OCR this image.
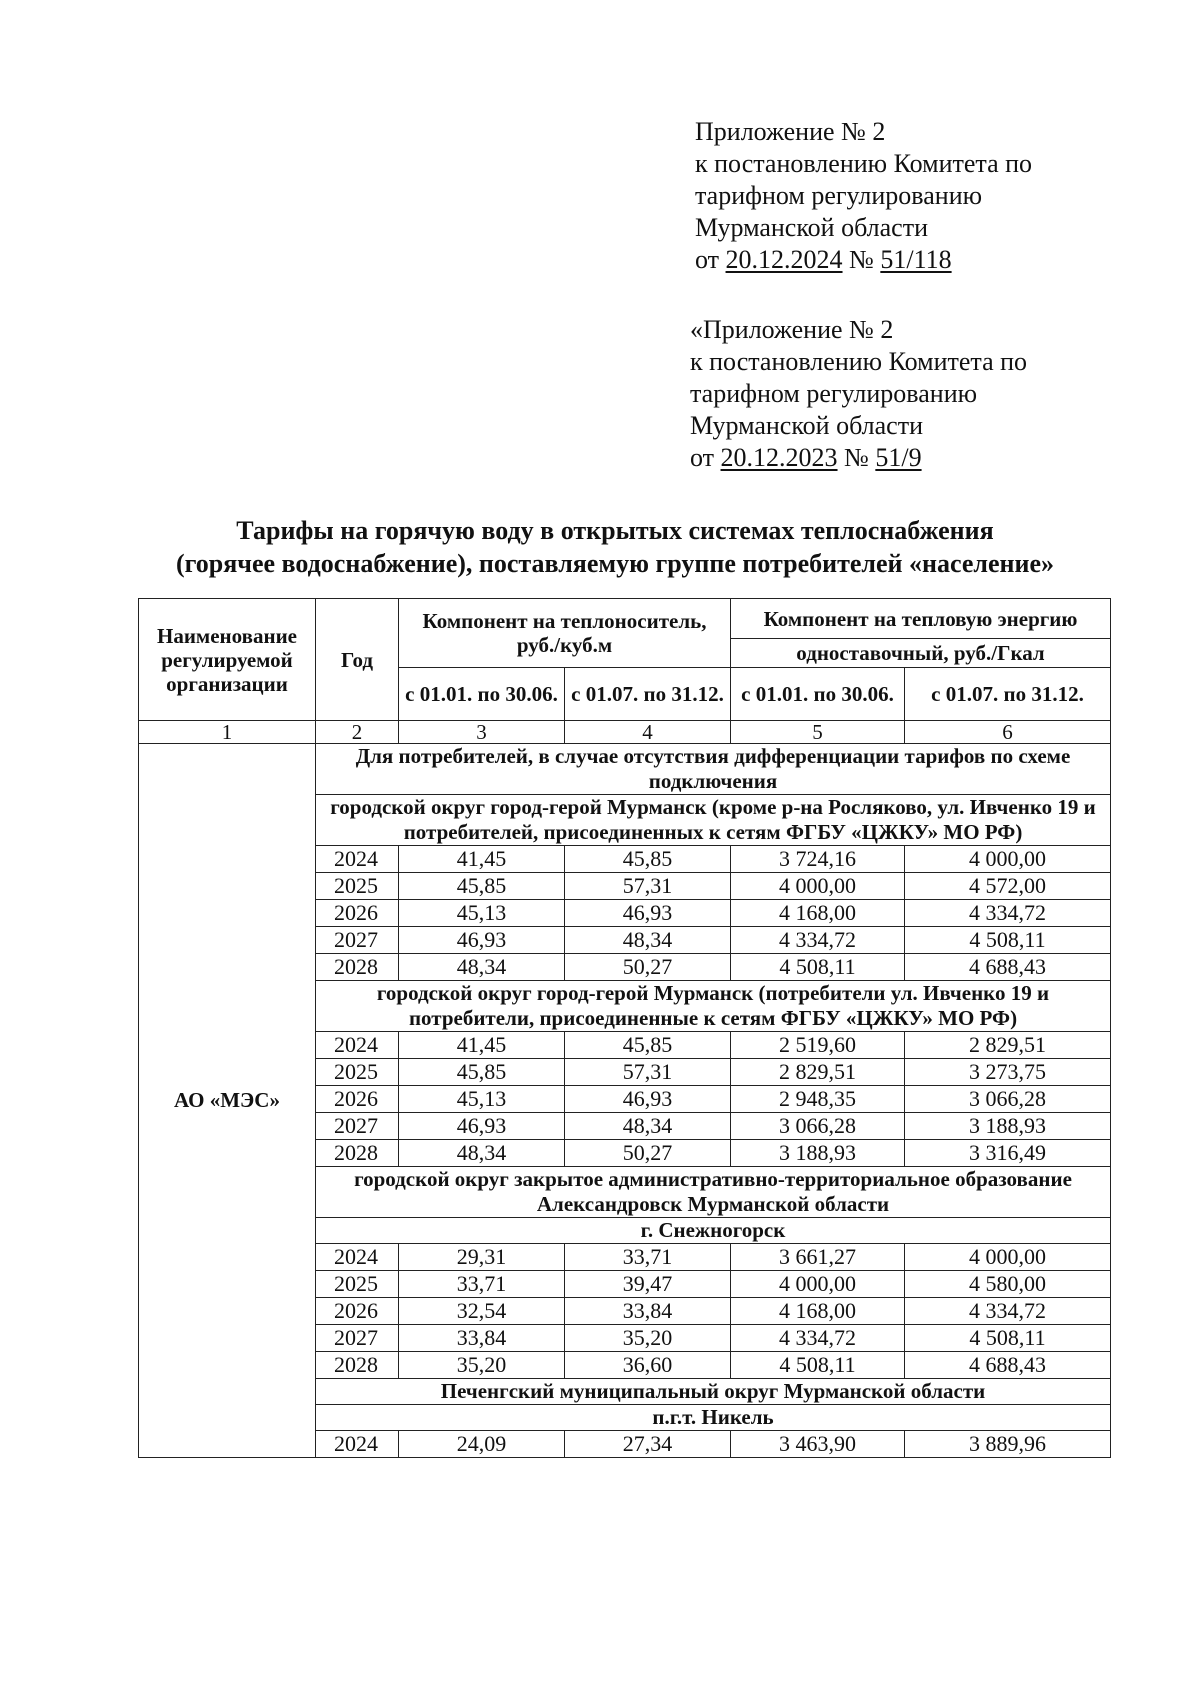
Приложение № 2
к постановлению Комитета по
тарифном регулированию
Мурманской области
от 20.12.2024 № 51/118
«Приложение № 2
к постановлению Комитета по
тарифном регулированию
Мурманской области
от 20.12.2023 № 51/9
Тарифы на горячую воду в открытых системах теплоснабжения
(горячее водоснабжение), поставляемую группе потребителей «население»
Наименование регулируемой организации	Год	Компонент на теплоноситель, руб./куб.м		Компонент на тепловую энергию	
				одноставочный, руб./Гкал	
		с 01.01. по 30.06.	с 01.07. по 31.12.	с 01.01. по 30.06.	с 01.07. по 31.12.
1	2	3	4	5	6
АО «МЭС»	Для потребителей, в случае отсутствия дифференциации тарифов по схеме подключения				
	городской округ город-герой Мурманск (кроме р-на Росляково, ул. Ивченко 19 и потребителей, присоединенных к сетям ФГБУ «ЦЖКУ» МО РФ)				
	2024	41,45	45,85	3 724,16	4 000,00
	2025	45,85	57,31	4 000,00	4 572,00
	2026	45,13	46,93	4 168,00	4 334,72
	2027	46,93	48,34	4 334,72	4 508,11
	2028	48,34	50,27	4 508,11	4 688,43
	городской округ город-герой Мурманск (потребители ул. Ивченко 19 и потребители, присоединенные к сетям ФГБУ «ЦЖКУ» МО РФ)				
	2024	41,45	45,85	2 519,60	2 829,51
	2025	45,85	57,31	2 829,51	3 273,75
	2026	45,13	46,93	2 948,35	3 066,28
	2027	46,93	48,34	3 066,28	3 188,93
	2028	48,34	50,27	3 188,93	3 316,49
	городской округ закрытое административно-территориальное образование Александровск Мурманской области				
	г. Снежногорск				
	2024	29,31	33,71	3 661,27	4 000,00
	2025	33,71	39,47	4 000,00	4 580,00
	2026	32,54	33,84	4 168,00	4 334,72
	2027	33,84	35,20	4 334,72	4 508,11
	2028	35,20	36,60	4 508,11	4 688,43
	Печенгский муниципальный округ Мурманской области				
	п.г.т. Никель				
	2024	24,09	27,34	3 463,90	3 889,96
